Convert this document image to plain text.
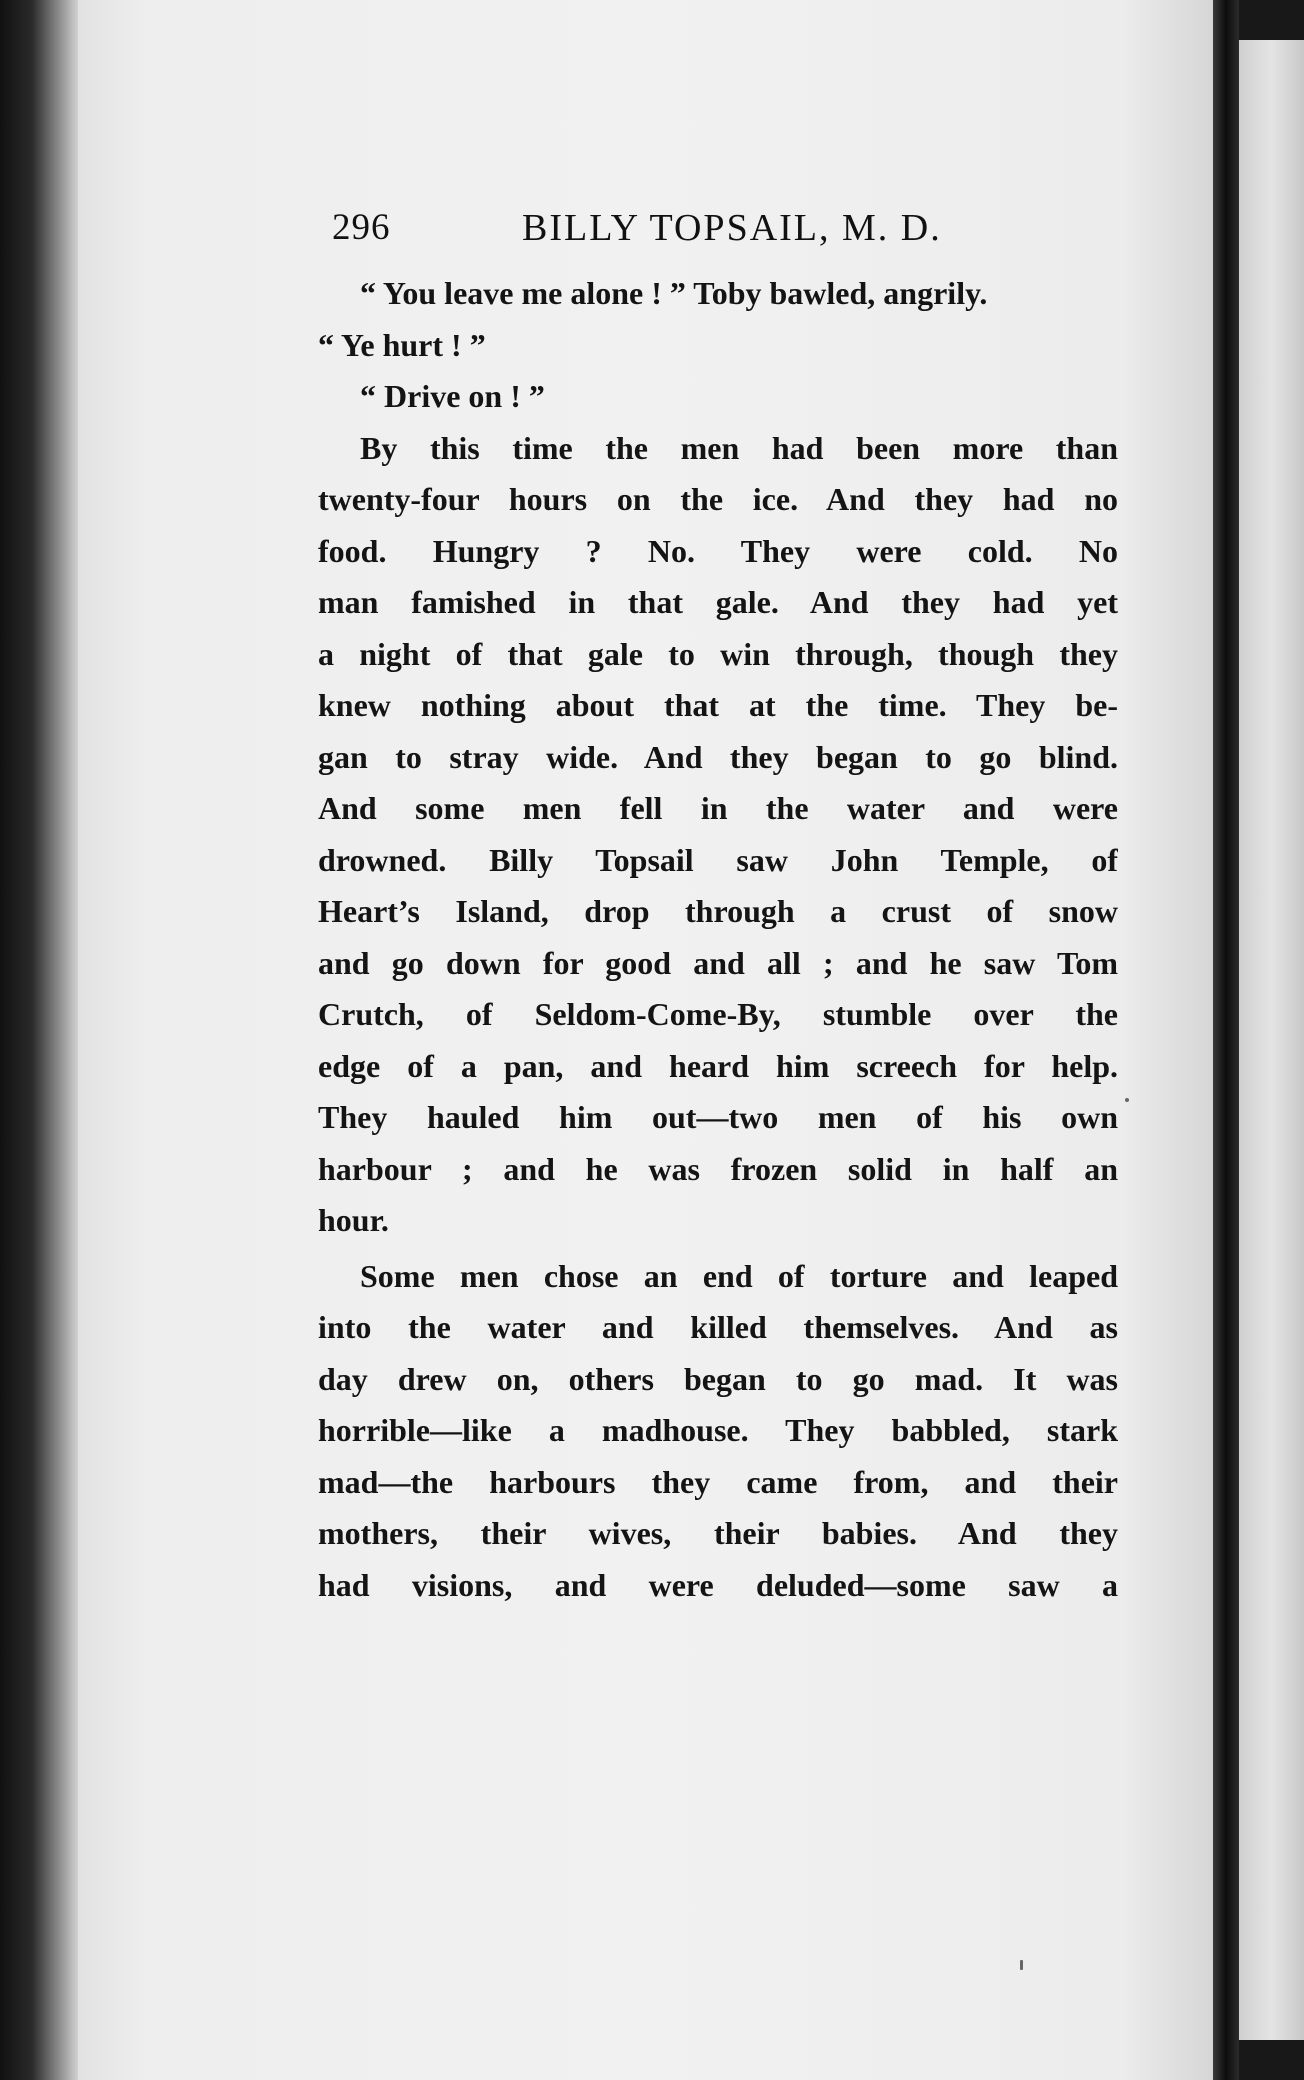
296	BILLY TOPSAIL, M. D.
“ You leave me alone ! ” Toby bawled, angrily.
“ Ye hurt ! ”
“ Drive on ! ”
By this time the men had been more than
twenty-four hours on the ice. And they had no
food. Hungry ? No. They were cold. No
man famished in that gale. And they had yet
a night of that gale to win through, though they
knew nothing about that at the time. They be-
gan to stray wide. And they began to go blind.
And some men fell in the water and were
drowned. Billy Topsail saw John Temple, of
Heart’s Island, drop through a crust of snow
and go down for good and all ; and he saw Tom
Crutch, of Seldom-Come-By, stumble over the
edge of a pan, and heard him screech for help.
They hauled him out—two men of his own
harbour ; and he was frozen solid in half an
hour.
Some men chose an end of torture and leaped
into the water and killed themselves. And as
day drew on, others began to go mad. It was
horrible—like a madhouse. They babbled, stark
mad—the harbours they came from, and their
mothers, their wives, their babies. And they
had visions, and were deluded—some saw a
